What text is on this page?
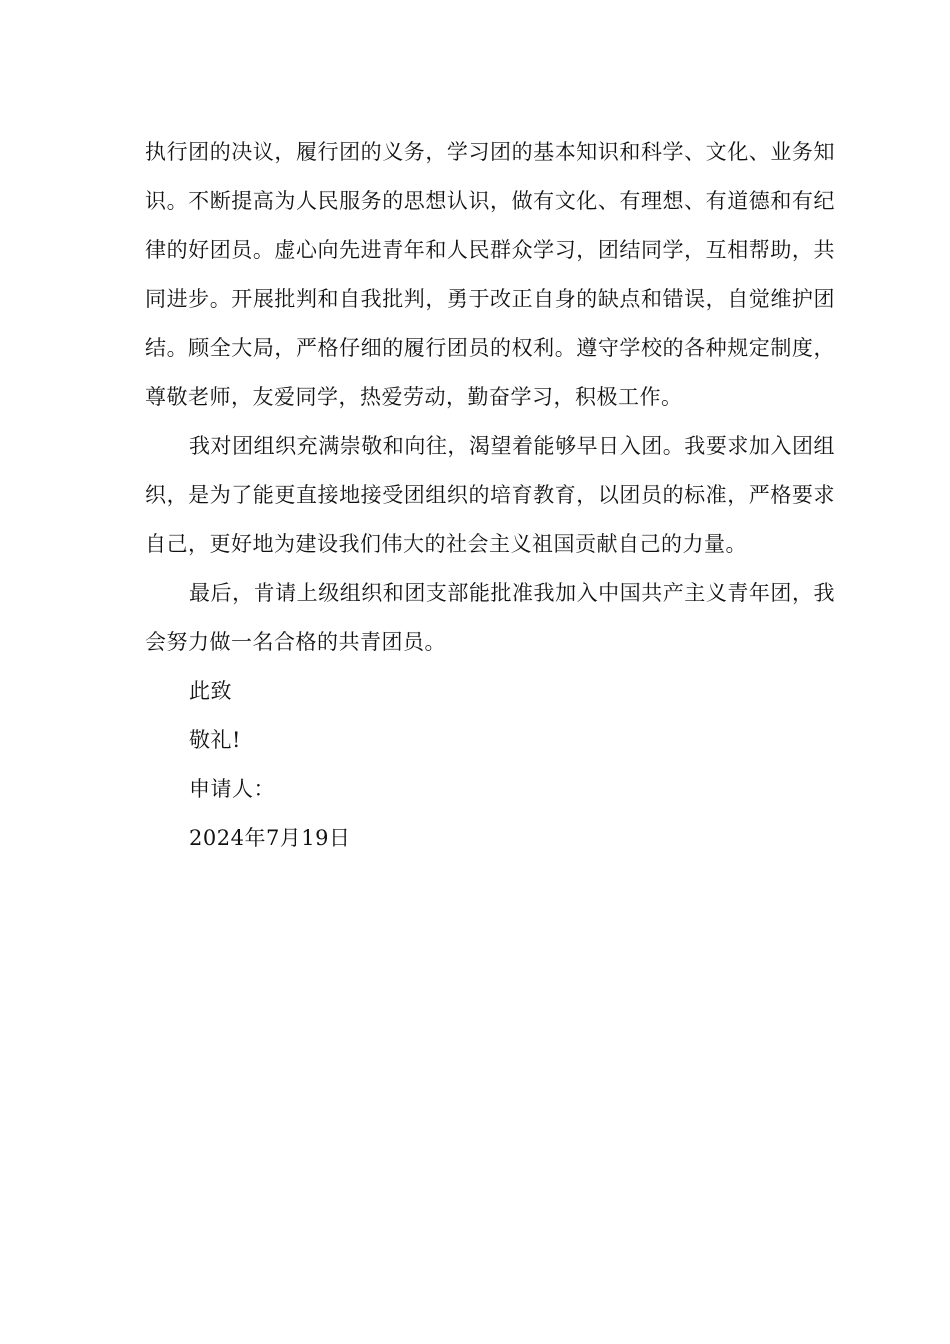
执行团的决议，履行团的义务，学习团的基本知识和科学、文化、业务知识。不断提高为人民服务的思想认识，做有文化、有理想、有道德和有纪律的好团员。虚心向先进青年和人民群众学习，团结同学，互相帮助，共同进步。开展批判和自我批判，勇于改正自身的缺点和错误，自觉维护团结。顾全大局，严格仔细的履行团员的权利。遵守学校的各种规定制度，尊敬老师，友爱同学，热爱劳动，勤奋学习，积极工作。

我对团组织充满崇敬和向往，渴望着能够早日入团。我要求加入团组织，是为了能更直接地接受团组织的培育教育，以团员的标准，严格要求自己，更好地为建设我们伟大的社会主义祖国贡献自己的力量。

最后，肯请上级组织和团支部能批准我加入中国共产主义青年团，我会努力做一名合格的共青团员。

此致

敬礼!

申请人：

2024年7月19日
